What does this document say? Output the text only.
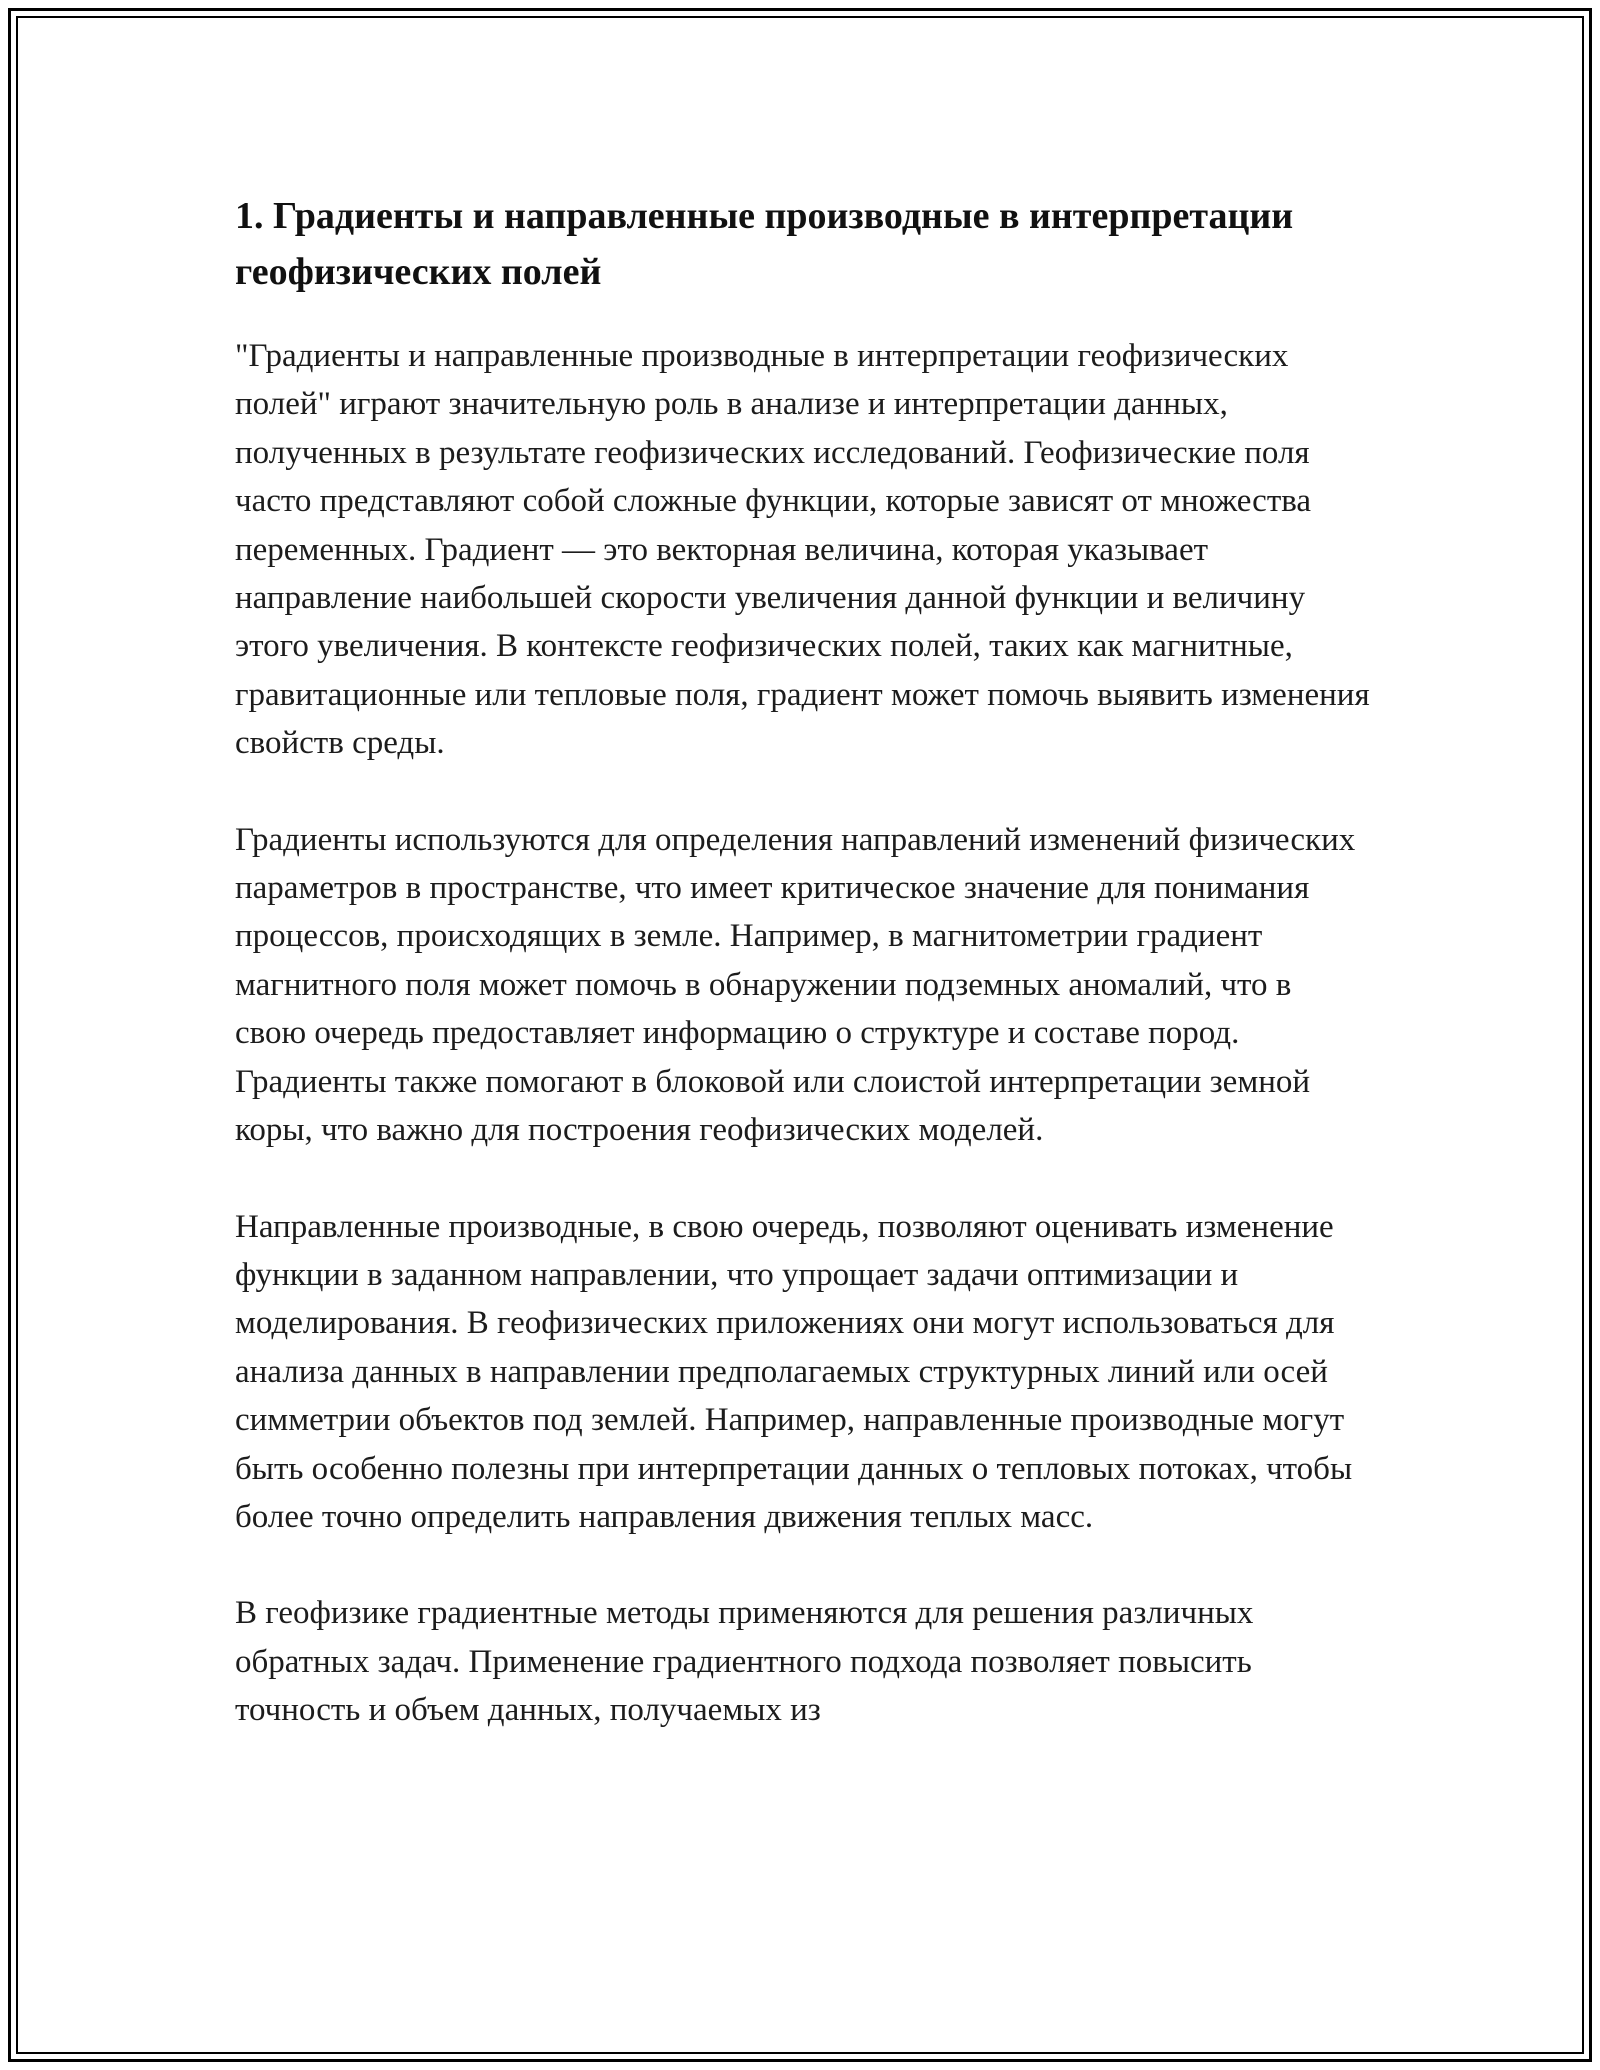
1. Градиенты и направленные производные в интерпретации геофизических полей

"Градиенты и направленные производные в интерпретации геофизических полей" играют значительную роль в анализе и интерпретации данных, полученных в результате геофизических исследований. Геофизические поля часто представляют собой сложные функции, которые зависят от множества переменных. Градиент — это векторная величина, которая указывает направление наибольшей скорости увеличения данной функции и величину этого увеличения. В контексте геофизических полей, таких как магнитные, гравитационные или тепловые поля, градиент может помочь выявить изменения свойств среды.

Градиенты используются для определения направлений изменений физических параметров в пространстве, что имеет критическое значение для понимания процессов, происходящих в земле. Например, в магнитометрии градиент магнитного поля может помочь в обнаружении подземных аномалий, что в свою очередь предоставляет информацию о структуре и составе пород. Градиенты также помогают в блоковой или слоистой интерпретации земной коры, что важно для построения геофизических моделей.

Направленные производные, в свою очередь, позволяют оценивать изменение функции в заданном направлении, что упрощает задачи оптимизации и моделирования. В геофизических приложениях они могут использоваться для анализа данных в направлении предполагаемых структурных линий или осей симметрии объектов под землей. Например, направленные производные могут быть особенно полезны при интерпретации данных о тепловых потоках, чтобы более точно определить направления движения теплых масс.

В геофизике градиентные методы применяются для решения различных обратных задач. Применение градиентного подхода позволяет повысить точность и объем данных, получаемых из
